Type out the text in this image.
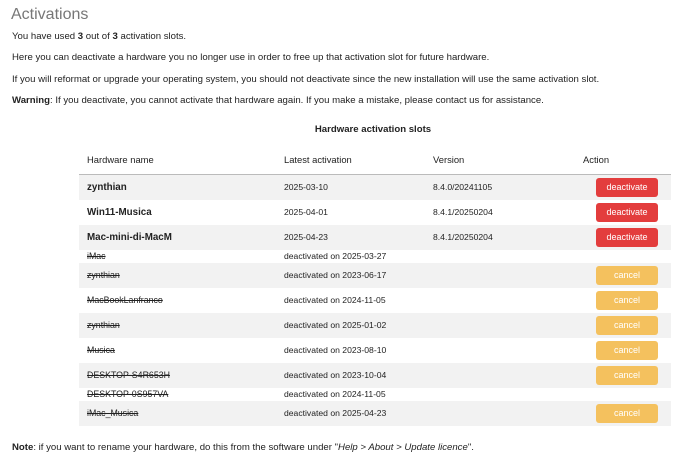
Activations
You have used 3 out of 3 activation slots.
Here you can deactivate a hardware you no longer use in order to free up that activation slot for future hardware.
If you will reformat or upgrade your operating system, you should not deactivate since the new installation will use the same activation slot.
Warning: If you deactivate, you cannot activate that hardware again. If you make a mistake, please contact us for assistance.
Hardware activation slots
Hardware name	Latest activation	Version	Action
zynthian	2025-03-10	8.4.0/20241105	deactivate
Win11-Musica	2025-04-01	8.4.1/20250204	deactivate
Mac-mini-di-MacM	2025-04-23	8.4.1/20250204	deactivate
iMac	deactivated on 2025-03-27		
zynthian	deactivated on 2023-06-17		cancel
MacBookLanfranco	deactivated on 2024-11-05		cancel
zynthian	deactivated on 2025-01-02		cancel
Musica	deactivated on 2023-08-10		cancel
DESKTOP-S4R653H	deactivated on 2023-10-04		cancel
DESKTOP-0S957VA	deactivated on 2024-11-05		
iMac_Musica	deactivated on 2025-04-23		cancel
Note: if you want to rename your hardware, do this from the software under "Help > About > Update licence".
